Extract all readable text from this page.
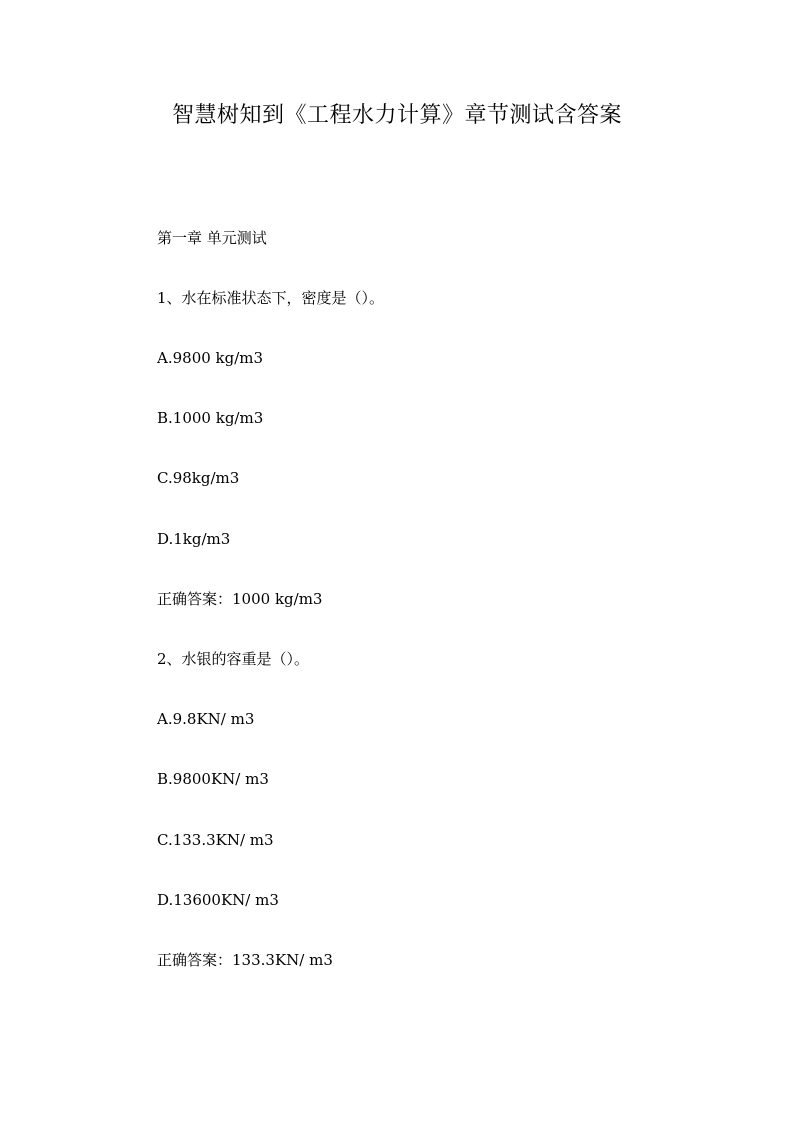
智慧树知到《工程水力计算》章节测试含答案

第一章 单元测试

1、水在标准状态下，密度是（）。

A.9800 kg/m3

B.1000 kg/m3

C.98kg/m3

D.1kg/m3

正确答案：1000 kg/m3

2、水银的容重是（）。

A.9.8KN/ m3

B.9800KN/ m3

C.133.3KN/ m3

D.13600KN/ m3

正确答案：133.3KN/ m3
